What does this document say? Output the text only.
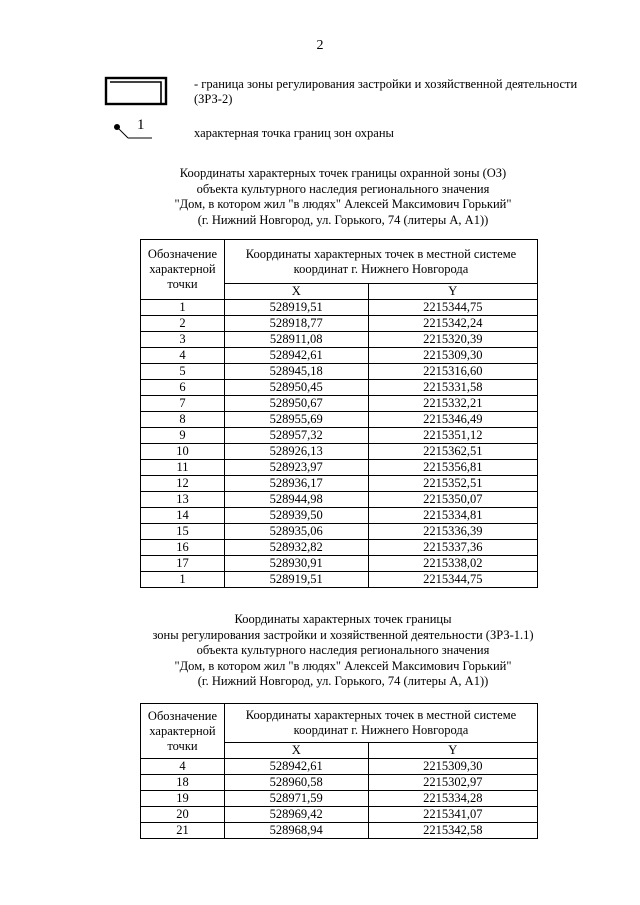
2
- граница зоны регулирования застройки и хозяйственной деятельности (ЗРЗ-2)
1	характерная точка границ зон охраны
Координаты характерных точек границы охранной зоны (ОЗ)
объекта культурного наследия регионального значения
"Дом, в котором жил "в людях" Алексей Максимович Горький"
(г. Нижний Новгород, ул. Горького, 74 (литеры А, А1))
Обозначение характерной точки	Координаты характерных точек в местной системе координат г. Нижнего Новгорода	
	X	Y
1	528919,51	2215344,75
2	528918,77	2215342,24
3	528911,08	2215320,39
4	528942,61	2215309,30
5	528945,18	2215316,60
6	528950,45	2215331,58
7	528950,67	2215332,21
8	528955,69	2215346,49
9	528957,32	2215351,12
10	528926,13	2215362,51
11	528923,97	2215356,81
12	528936,17	2215352,51
13	528944,98	2215350,07
14	528939,50	2215334,81
15	528935,06	2215336,39
16	528932,82	2215337,36
17	528930,91	2215338,02
1	528919,51	2215344,75
Координаты характерных точек границы
зоны регулирования застройки и хозяйственной деятельности (ЗРЗ-1.1)
объекта культурного наследия регионального значения
"Дом, в котором жил "в людях" Алексей Максимович Горький"
(г. Нижний Новгород, ул. Горького, 74 (литеры А, А1))
Обозначение характерной точки	Координаты характерных точек в местной системе координат г. Нижнего Новгорода	
	X	Y
4	528942,61	2215309,30
18	528960,58	2215302,97
19	528971,59	2215334,28
20	528969,42	2215341,07
21	528968,94	2215342,58
